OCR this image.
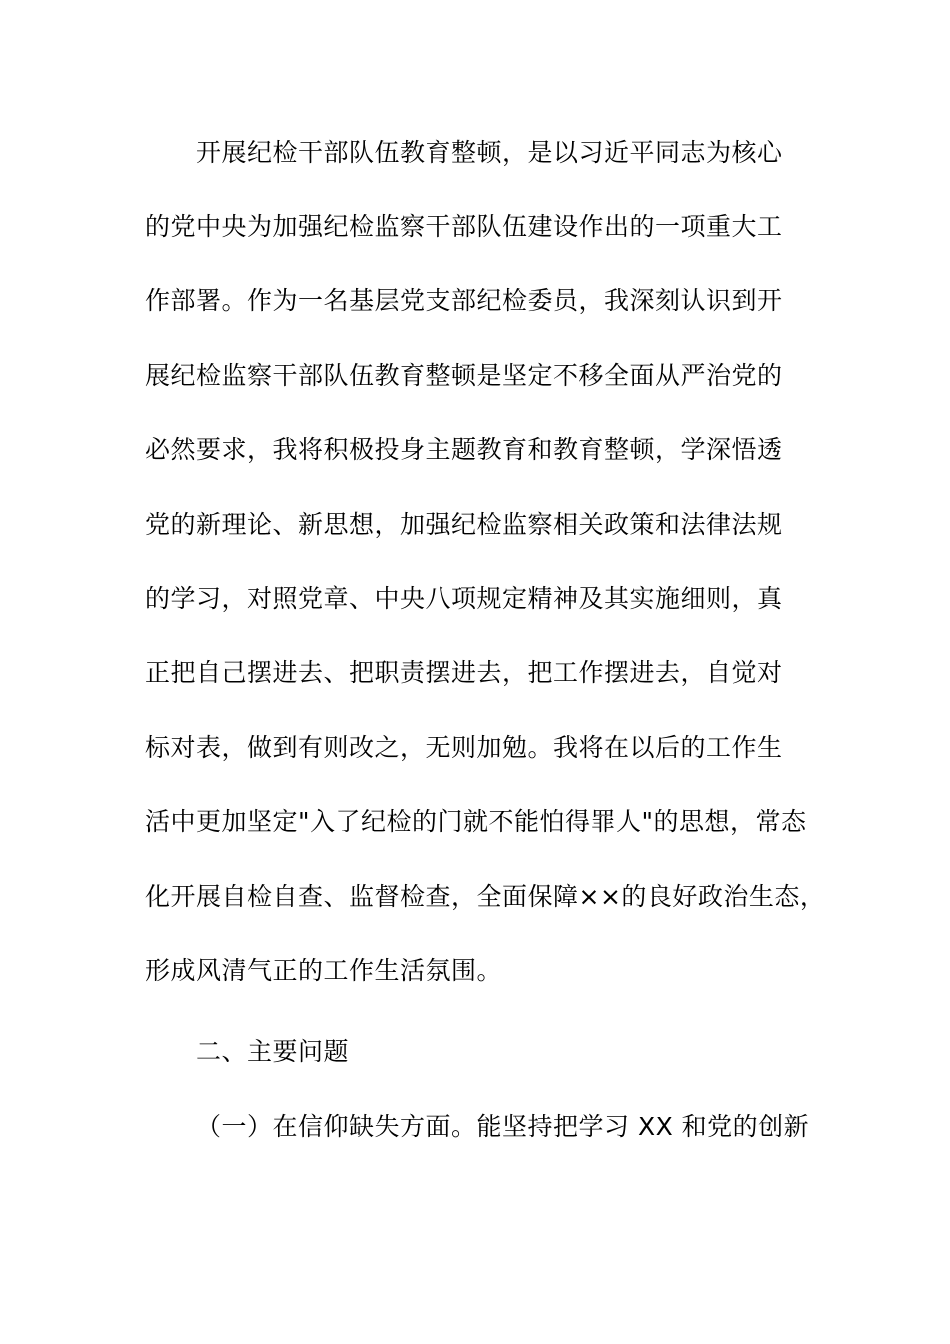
开展纪检干部队伍教育整顿，是以习近平同志为核心
的党中央为加强纪检监察干部队伍建设作出的一项重大工
作部署。作为一名基层党支部纪检委员，我深刻认识到开
展纪检监察干部队伍教育整顿是坚定不移全面从严治党的
必然要求，我将积极投身主题教育和教育整顿，学深悟透
党的新理论、新思想，加强纪检监察相关政策和法律法规
的学习，对照党章、中央八项规定精神及其实施细则，真
正把自己摆进去、把职责摆进去，把工作摆进去，自觉对
标对表，做到有则改之，无则加勉。我将在以后的工作生
活中更加坚定"入了纪检的门就不能怕得罪人"的思想，常态
化开展自检自查、监督检查，全面保障××的良好政治生态，
形成风清气正的工作生活氛围。
二、主要问题
（一）在信仰缺失方面。能坚持把学习 XX 和党的创新
